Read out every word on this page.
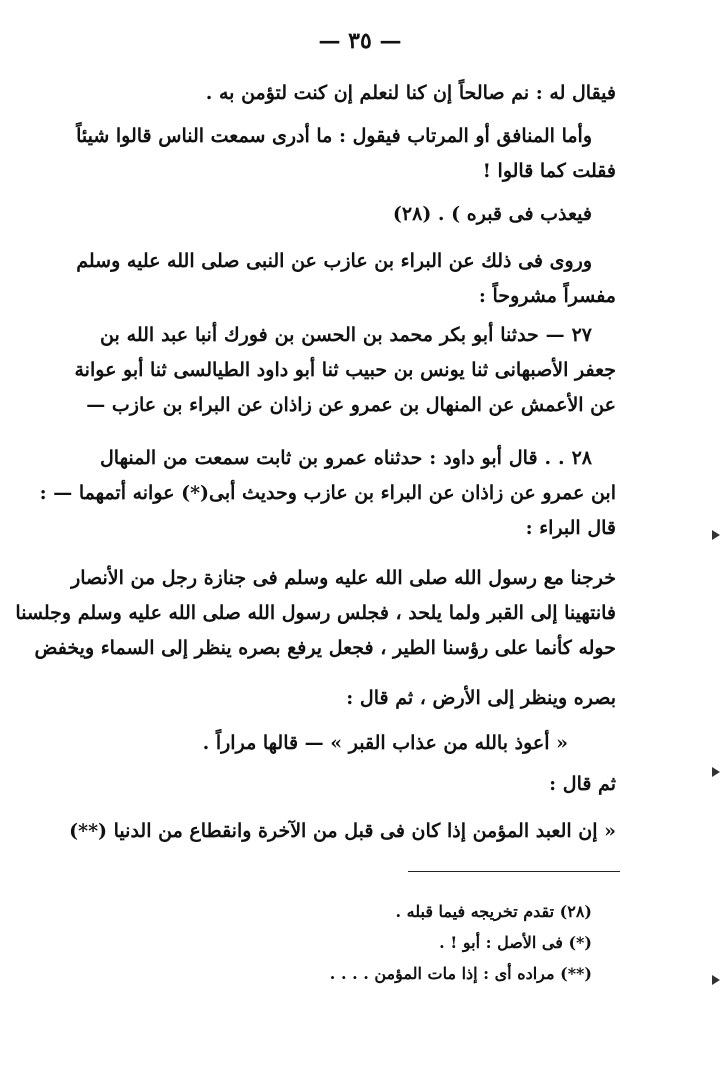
— ٣٥ —
فيقال له : نم صالحاً إن كنا لنعلم إن كنت لتؤمن به .
وأما المنافق أو المرتاب فيقول : ما أدرى سمعت الناس قالوا شيئاً
فقلت كما قالوا !
فيعذب فى قبره ) . (٢٨)
وروى فى ذلك عن البراء بن عازب عن النبى صلى الله عليه وسلم
مفسراً مشروحاً :
٢٧ — حدثنا أبو بكر محمد بن الحسن بن فورك أنبا عبد الله بن
جعفر الأصبهانى ثنا يونس بن حبيب ثنا أبو داود الطيالسى ثنا أبو عوانة
عن الأعمش عن المنهال بن عمرو عن زاذان عن البراء بن عازب —
٢٨ . . قال أبو داود : حدثناه عمرو بن ثابت سمعت من المنهال
ابن عمرو عن زاذان عن البراء بن عازب وحديث أبى(*) عوانه أتمهما — :
قال البراء :
خرجنا مع رسول الله صلى الله عليه وسلم فى جنازة رجل من الأنصار
فانتهينا إلى القبر ولما يلحد ، فجلس رسول الله صلى الله عليه وسلم وجلسنا
حوله كأنما على رؤسنا الطير ، فجعل يرفع بصره ينظر إلى السماء ويخفض
بصره وينظر إلى الأرض ، ثم قال :
« أعوذ بالله من عذاب القبر » — قالها مراراً .
ثم قال :
« إن العبد المؤمن إذا كان فى قبل من الآخرة وانقطاع من الدنيا (**)
(٢٨) تقدم تخريجه فيما قبله .
(*) فى الأصل : أبو ! .
(**) مراده أى : إذا مات المؤمن . . . .
